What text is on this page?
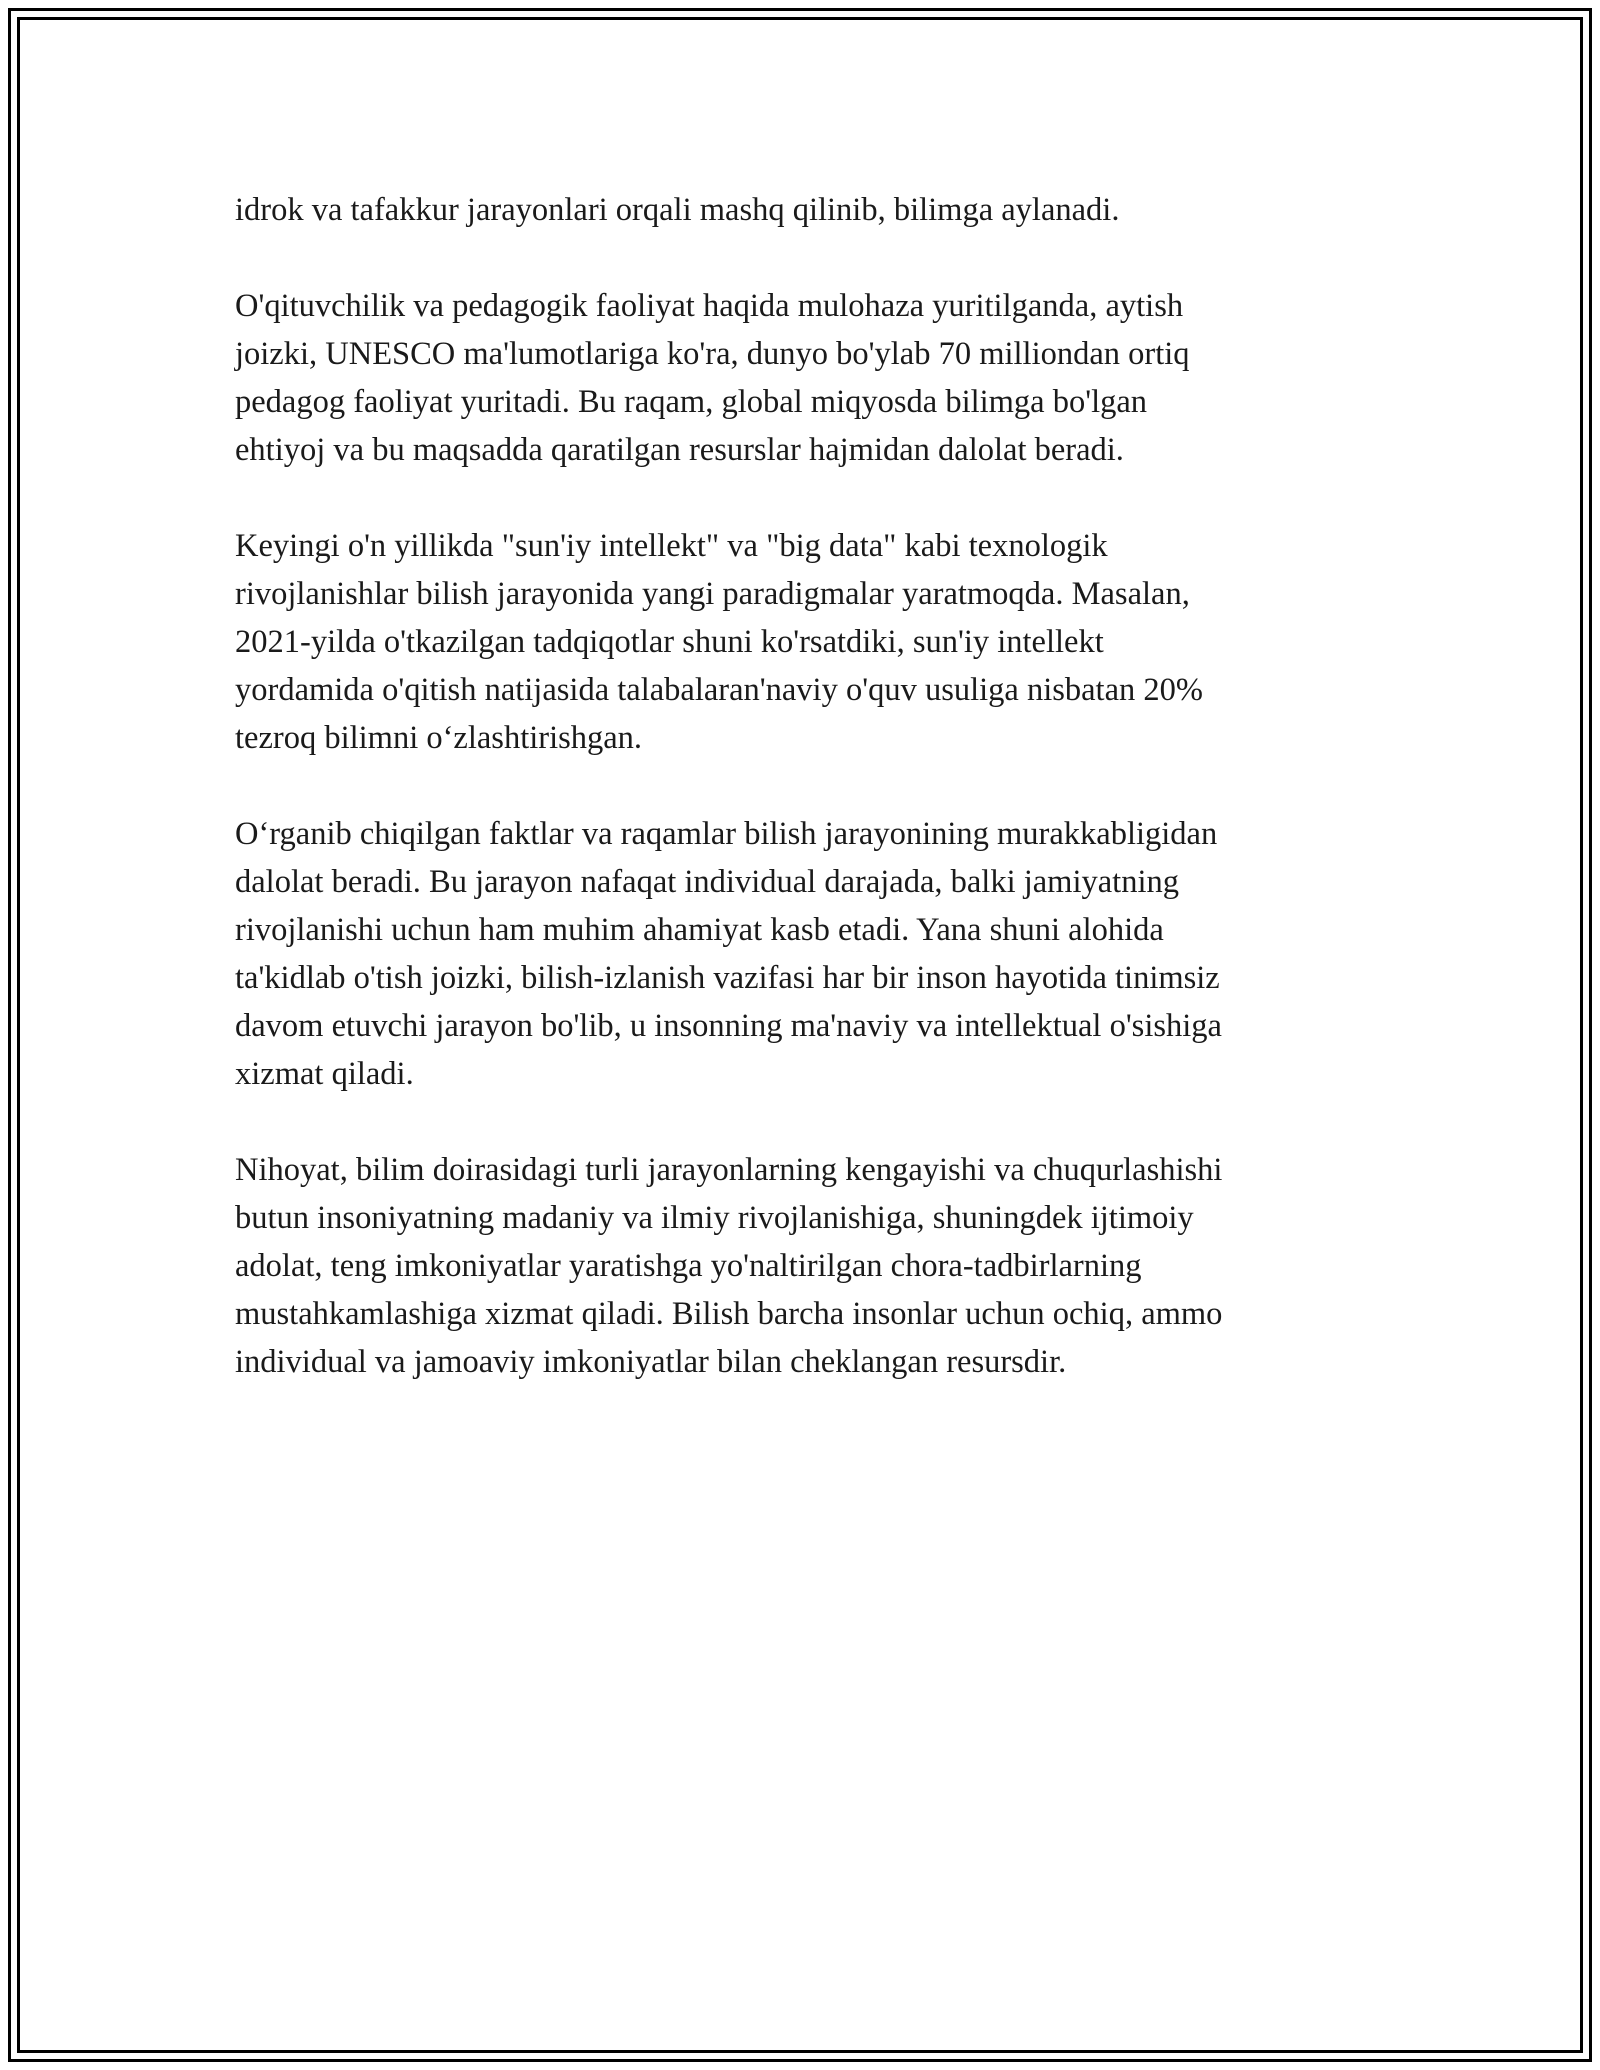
idrok va tafakkur jarayonlari orqali mashq qilinib, bilimga aylanadi.

O'qituvchilik va pedagogik faoliyat haqida mulohaza yuritilganda, aytish
joizki, UNESCO ma'lumotlariga ko'ra, dunyo bo'ylab 70 milliondan ortiq
pedagog faoliyat yuritadi. Bu raqam, global miqyosda bilimga bo'lgan
ehtiyoj va bu maqsadda qaratilgan resurslar hajmidan dalolat beradi.

Keyingi o'n yillikda "sun'iy intellekt" va "big data" kabi texnologik
rivojlanishlar bilish jarayonida yangi paradigmalar yaratmoqda. Masalan,
2021-yilda o'tkazilgan tadqiqotlar shuni ko'rsatdiki, sun'iy intellekt
yordamida o'qitish natijasida talabalaran'naviy o'quv usuliga nisbatan 20%
tezroq bilimni o‘zlashtirishgan.

O‘rganib chiqilgan faktlar va raqamlar bilish jarayonining murakkabligidan
dalolat beradi. Bu jarayon nafaqat individual darajada, balki jamiyatning
rivojlanishi uchun ham muhim ahamiyat kasb etadi. Yana shuni alohida
ta'kidlab o'tish joizki, bilish-izlanish vazifasi har bir inson hayotida tinimsiz
davom etuvchi jarayon bo'lib, u insonning ma'naviy va intellektual o'sishiga
xizmat qiladi.

Nihoyat, bilim doirasidagi turli jarayonlarning kengayishi va chuqurlashishi
butun insoniyatning madaniy va ilmiy rivojlanishiga, shuningdek ijtimoiy
adolat, teng imkoniyatlar yaratishga yo'naltirilgan chora-tadbirlarning
mustahkamlashiga xizmat qiladi. Bilish barcha insonlar uchun ochiq, ammo
individual va jamoaviy imkoniyatlar bilan cheklangan resursdir.
